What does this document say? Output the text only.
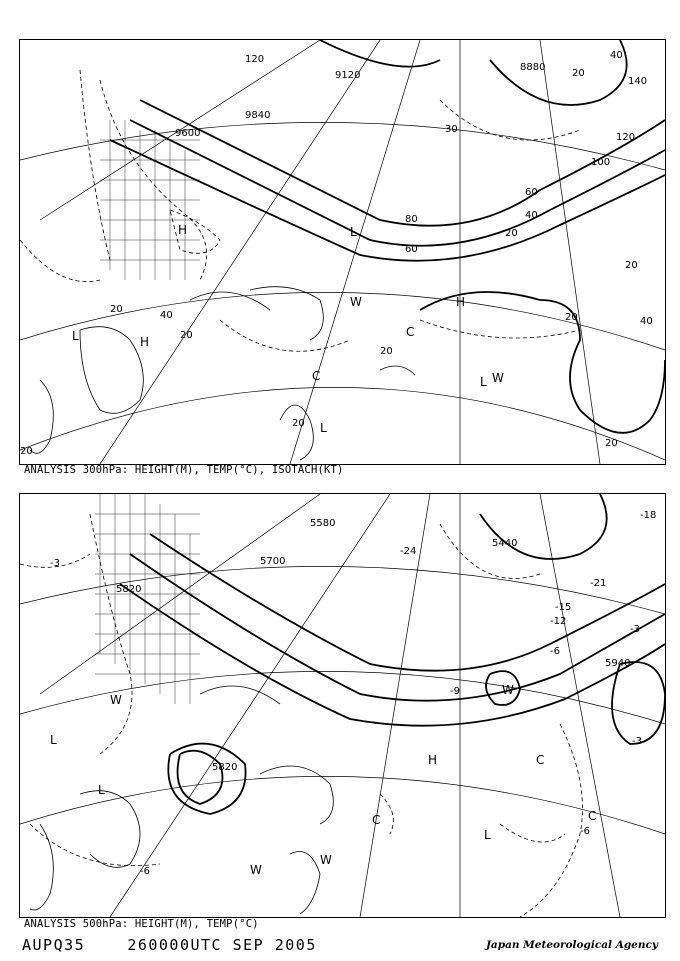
9120
9600
9840
8880
120	40
80
100
60
60
40
20
20
20
20
20
20
20
40
20
20
40
140
120
20
30
H
L
H
W	H
C
L
C	L W
L
ANALYSIS 300hPa: HEIGHT(M), TEMP(°C), ISOTACH(KT)
5580
5700
5820
5940
5820
5440
-3
-24
-18
-21
-15
-12
-6
-3
-9
-6
-3
-6
L
W
L
W
H	C
C
W
L
C
W
ANALYSIS 500hPa: HEIGHT(M), TEMP(°C)
AUPQ35	260000UTC SEP 2005	Japan Meteorological Agency
